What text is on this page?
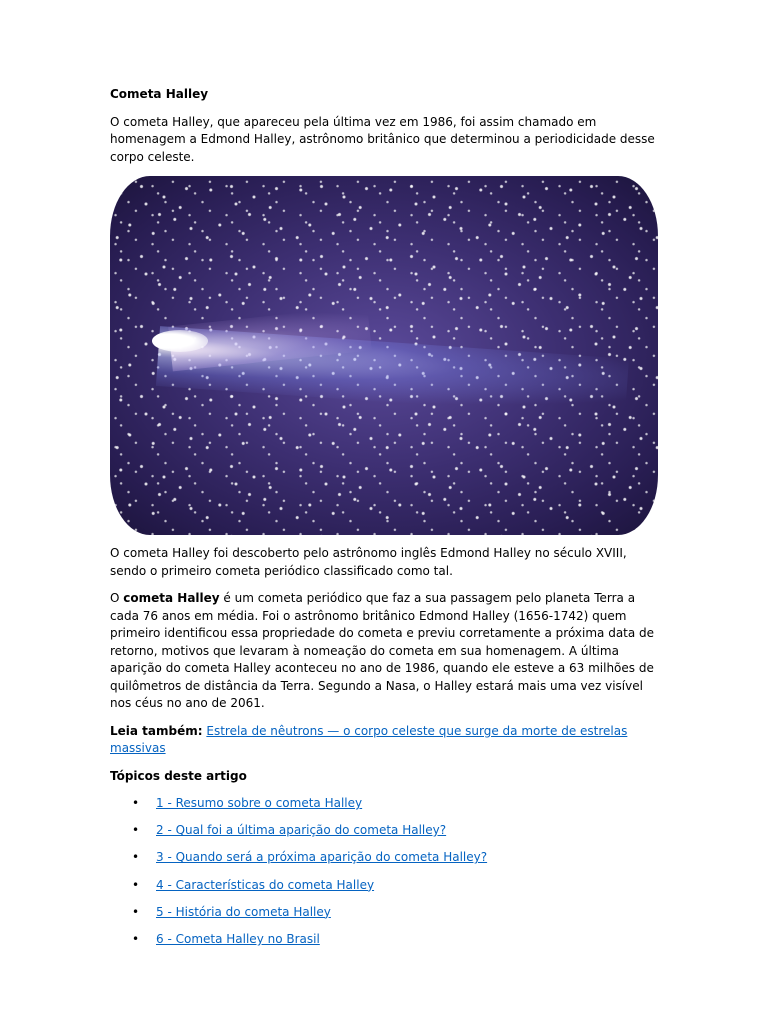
Cometa Halley

O cometa Halley, que apareceu pela última vez em 1986, foi assim chamado em homenagem a Edmond Halley, astrônomo britânico que determinou a periodicidade desse corpo celeste.

O cometa Halley foi descoberto pelo astrônomo inglês Edmond Halley no século XVIII, sendo o primeiro cometa periódico classificado como tal.

O cometa Halley é um cometa periódico que faz a sua passagem pelo planeta Terra a cada 76 anos em média. Foi o astrônomo britânico Edmond Halley (1656-1742) quem primeiro identificou essa propriedade do cometa e previu corretamente a próxima data de retorno, motivos que levaram à nomeação do cometa em sua homenagem. A última aparição do cometa Halley aconteceu no ano de 1986, quando ele esteve a 63 milhões de quilômetros de distância da Terra. Segundo a Nasa, o Halley estará mais uma vez visível nos céus no ano de 2061.

Leia também: Estrela de nêutrons — o corpo celeste que surge da morte de estrelas massivas
Tópicos deste artigo
• 1 - Resumo sobre o cometa Halley
• 2 - Qual foi a última aparição do cometa Halley?
• 3 - Quando será a próxima aparição do cometa Halley?
• 4 - Características do cometa Halley
• 5 - História do cometa Halley
• 6 - Cometa Halley no Brasil
